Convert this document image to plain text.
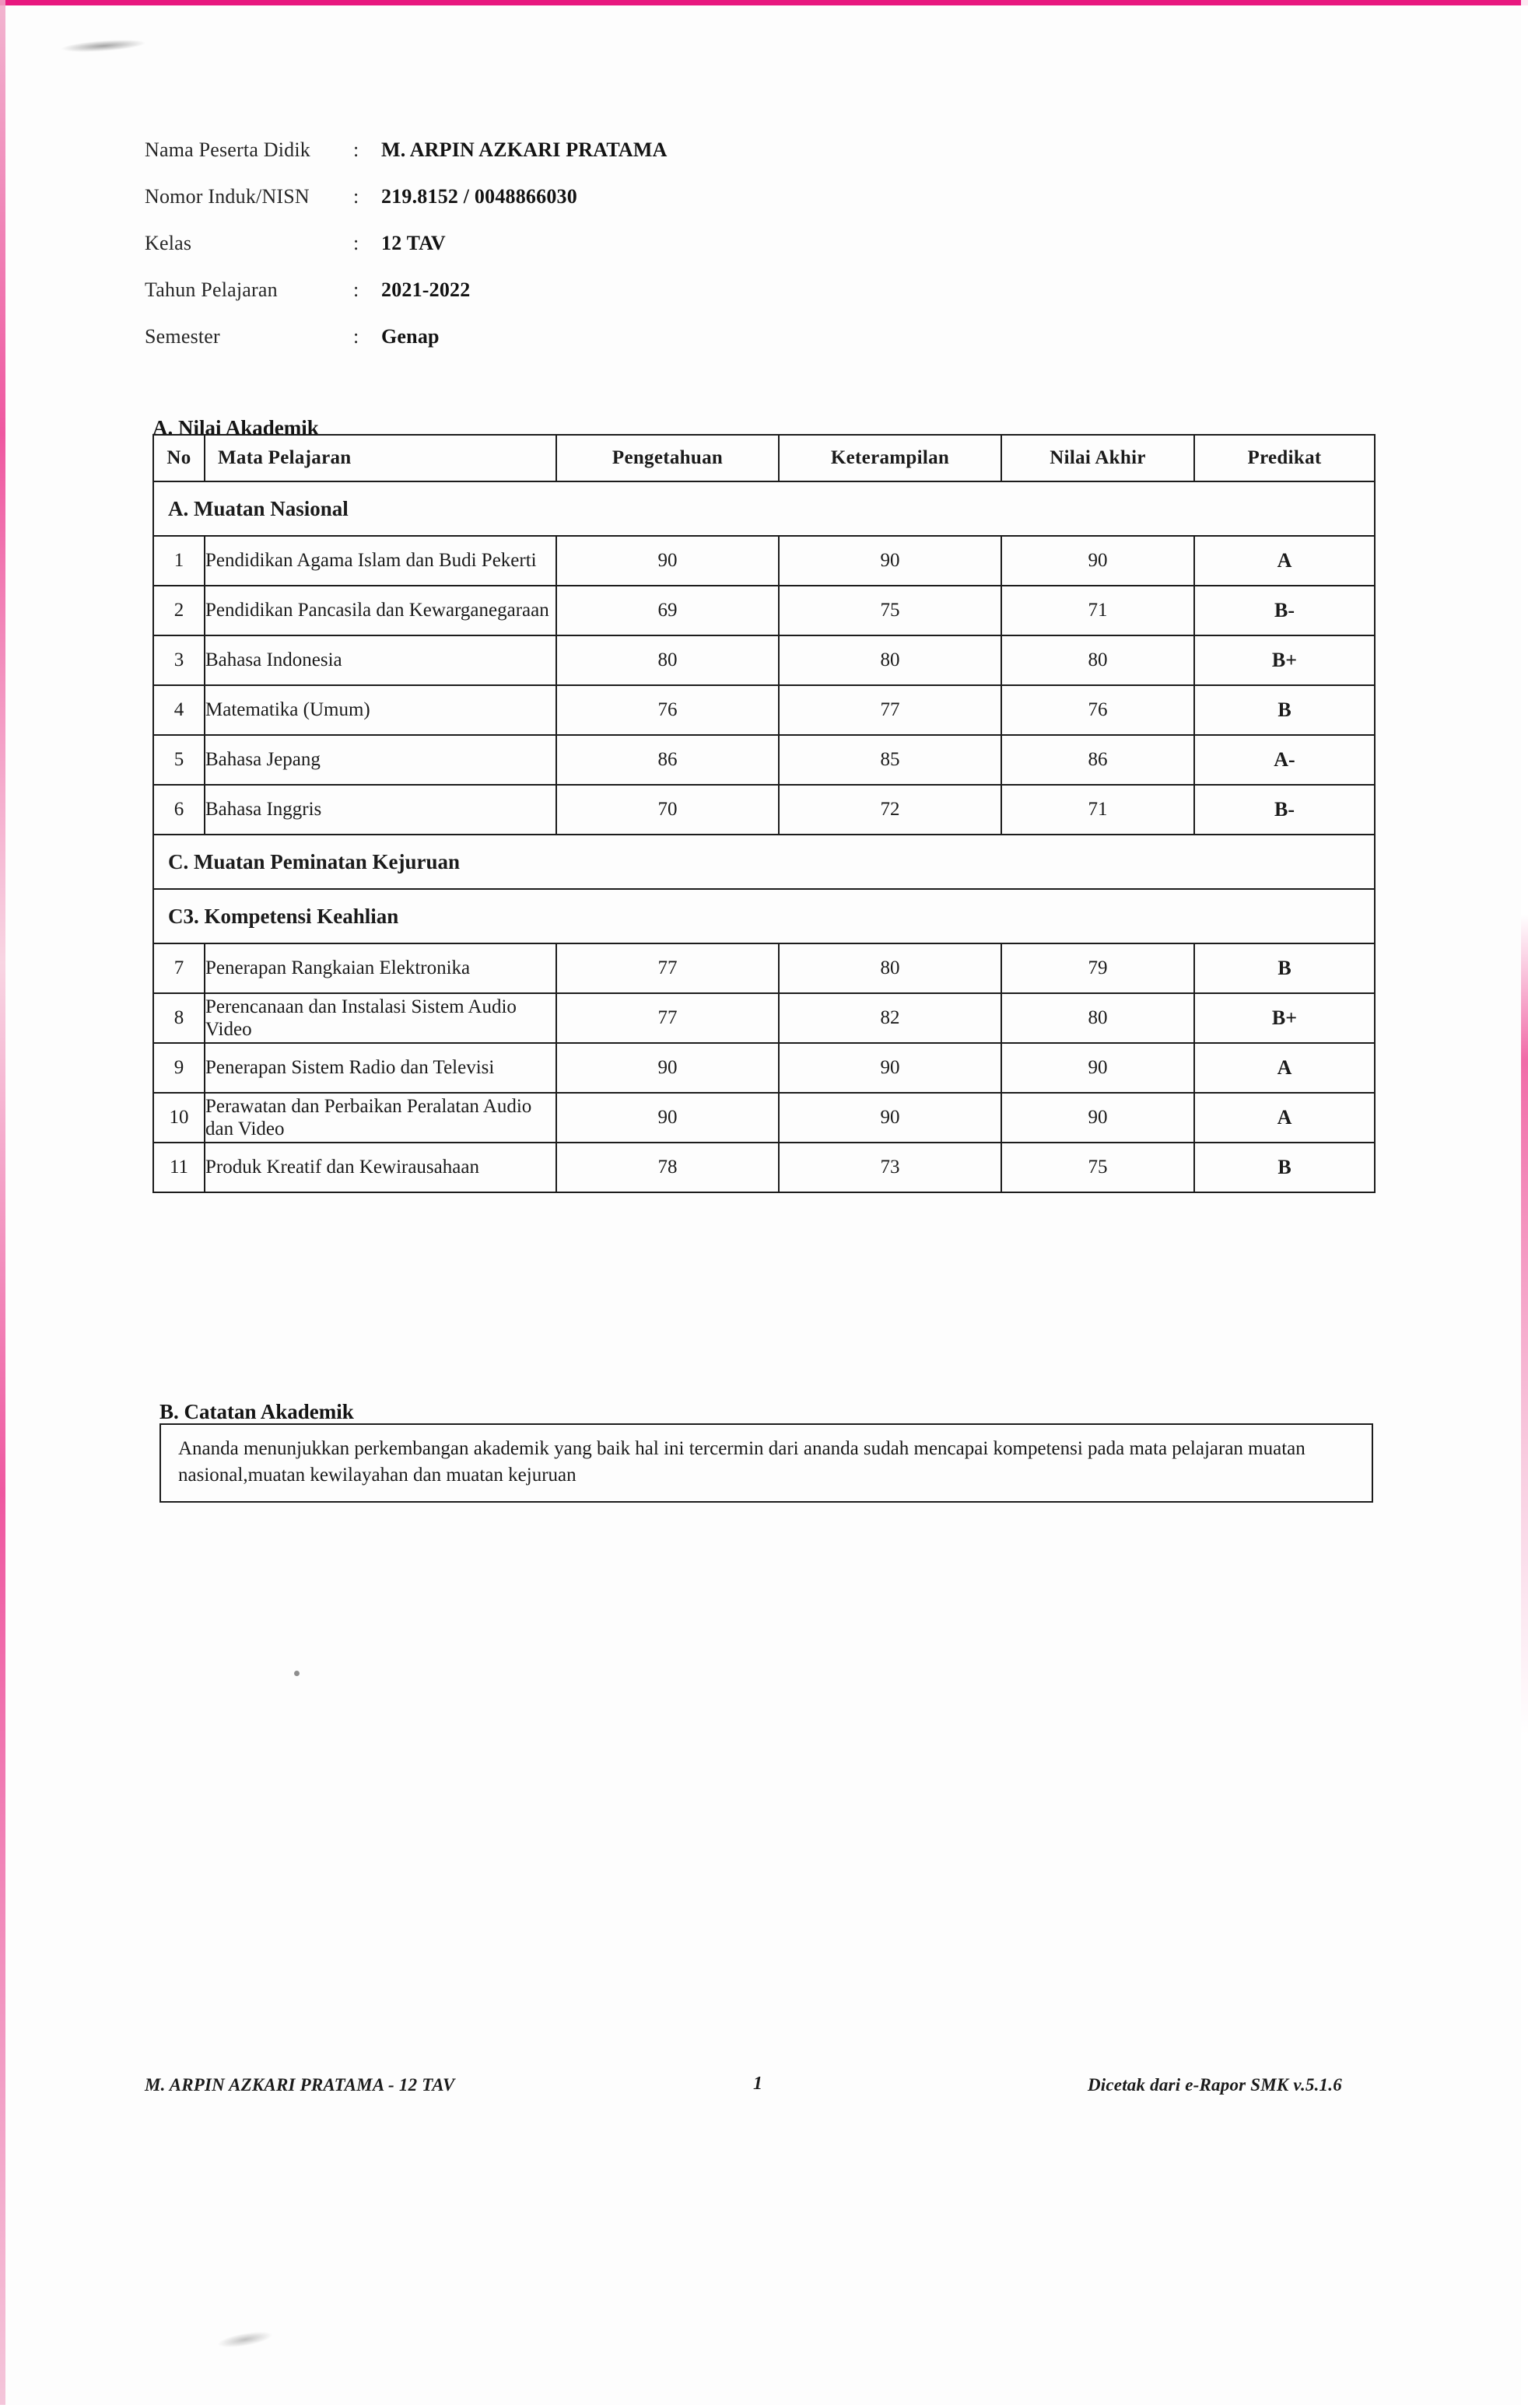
Nama Peserta Didik	:	M. ARPIN AZKARI PRATAMA
Nomor Induk/NISN	:	219.8152 / 0048866030
Kelas	:	12 TAV
Tahun Pelajaran	:	2021-2022
Semester	:	Genap
A. Nilai Akademik
No	Mata Pelajaran	Pengetahuan	Keterampilan	Nilai Akhir	Predikat
A. Muatan Nasional					
1	Pendidikan Agama Islam dan Budi Pekerti	90	90	90	A
2	Pendidikan Pancasila dan Kewarganegaraan	69	75	71	B-
3	Bahasa Indonesia	80	80	80	B+
4	Matematika (Umum)	76	77	76	B
5	Bahasa Jepang	86	85	86	A-
6	Bahasa Inggris	70	72	71	B-
C. Muatan Peminatan Kejuruan					
C3. Kompetensi Keahlian					
7	Penerapan Rangkaian Elektronika	77	80	79	B
8	Perencanaan dan Instalasi Sistem Audio Video	77	82	80	B+
9	Penerapan Sistem Radio dan Televisi	90	90	90	A
10	Perawatan dan Perbaikan Peralatan Audio dan Video	90	90	90	A
11	Produk Kreatif dan Kewirausahaan	78	73	75	B
B. Catatan Akademik
Ananda menunjukkan perkembangan akademik yang baik hal ini tercermin dari ananda sudah mencapai kompetensi pada mata pelajaran muatan nasional,muatan kewilayahan dan muatan kejuruan
M. ARPIN AZKARI PRATAMA - 12 TAV	1	Dicetak dari e-Rapor SMK v.5.1.6
